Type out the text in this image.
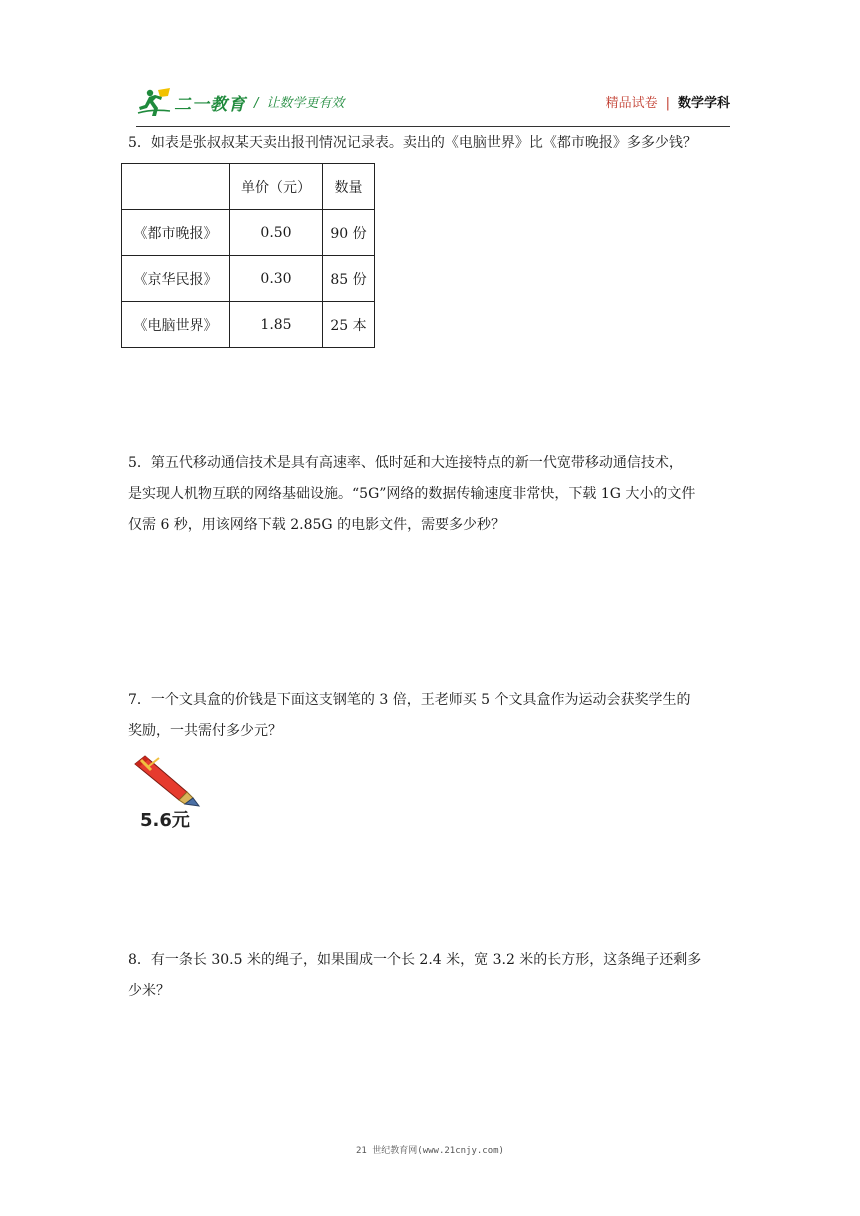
二一教育 / 让数学更有效	精品试卷 | 数学学科

5．如表是张叔叔某天卖出报刊情况记录表。卖出的《电脑世界》比《都市晚报》多多少钱？

	单价（元）	数量
《都市晚报》	0.50	90 份
《京华民报》	0.30	85 份
《电脑世界》	1.85	25 本

5．第五代移动通信技术是具有高速率、低时延和大连接特点的新一代宽带移动通信技术，

是实现人机物互联的网络基础设施。“5G”网络的数据传输速度非常快，下载 1G 大小的文件

仅需 6 秒，用该网络下载 2.85G 的电影文件，需要多少秒？

7．一个文具盒的价钱是下面这支钢笔的 3 倍，王老师买 5 个文具盒作为运动会获奖学生的

奖励，一共需付多少元？

5.6元

8．有一条长 30.5 米的绳子，如果围成一个长 2.4 米，宽 3.2 米的长方形，这条绳子还剩多

少米？

21 世纪教育网(www.21cnjy.com)
